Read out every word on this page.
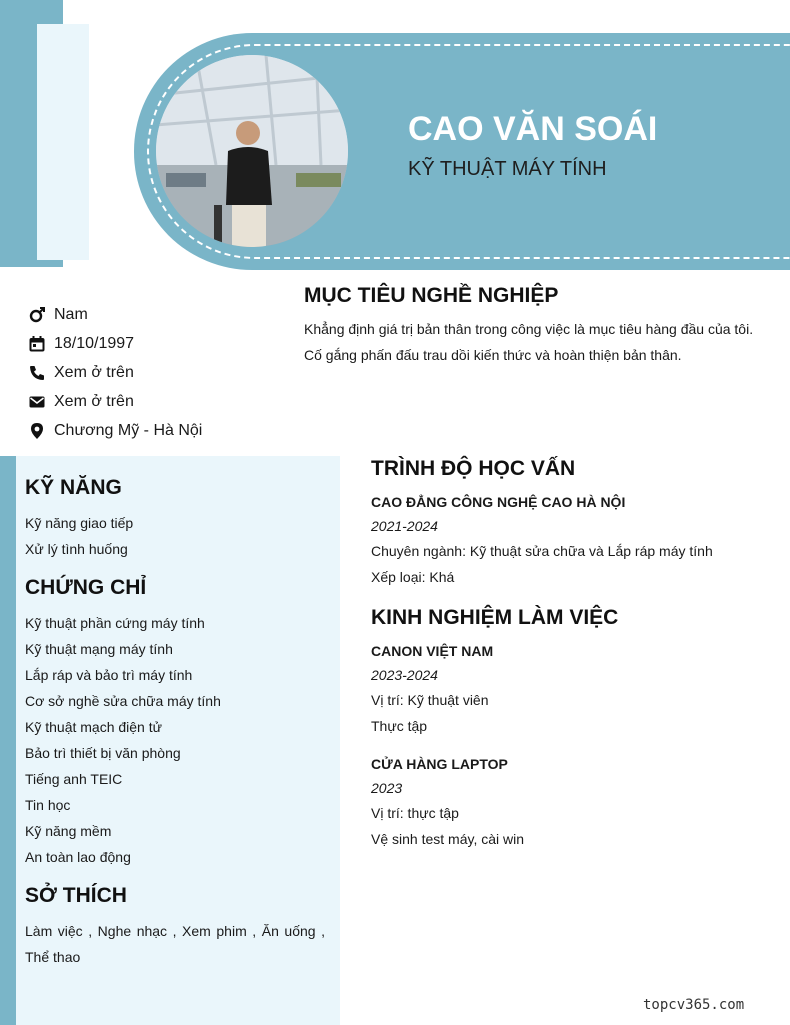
CAO VĂN SOÁI
KỸ THUẬT MÁY TÍNH
Nam
18/10/1997
Xem ở trên
Xem ở trên
Chương Mỹ - Hà Nội
MỤC TIÊU NGHỀ NGHIỆP

Khẳng định giá trị bản thân trong công việc là mục tiêu hàng đầu của tôi. Cố gắng phấn đấu trau dồi kiến thức và hoàn thiện bản thân.

KỸ NĂNG
Kỹ năng giao tiếp
Xử lý tình huống
CHỨNG CHỈ
Kỹ thuật phần cứng máy tính
Kỹ thuật mạng máy tính
Lắp ráp và bảo trì máy tính
Cơ sở nghề sửa chữa máy tính
Kỹ thuật mạch điện tử
Bảo trì thiết bị văn phòng
Tiếng anh TEIC
Tin học
Kỹ năng mềm
An toàn lao động
SỞ THÍCH
Làm việc , Nghe nhạc , Xem phim , Ăn uống , Thể thao
TRÌNH ĐỘ HỌC VẤN
CAO ĐẲNG CÔNG NGHỆ CAO HÀ NỘI
2021-2024
Chuyên ngành: Kỹ thuật sửa chữa và Lắp ráp máy tính
Xếp loại: Khá
KINH NGHIỆM LÀM VIỆC
CANON VIỆT NAM
2023-2024
Vị trí: Kỹ thuật viên
Thực tập
CỬA HÀNG LAPTOP
2023
Vị trí: thực tập
Vệ sinh test máy, cài win
topcv365.com
